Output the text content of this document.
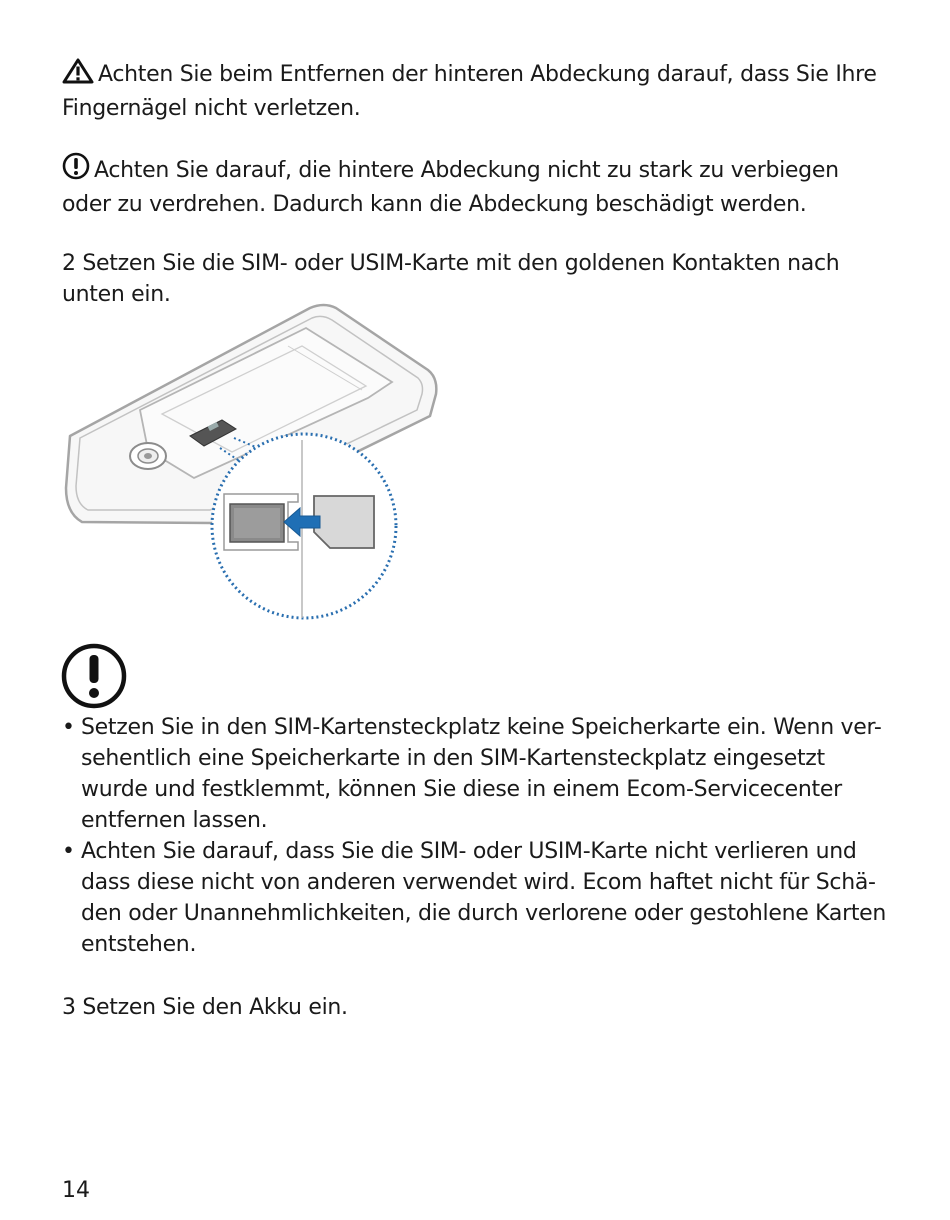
Achten Sie beim Entfernen der hinteren Abdeckung darauf, dass Sie Ihre Fingernägel nicht verletzen.

Achten Sie darauf, die hintere Abdeckung nicht zu stark zu verbiegen oder zu verdrehen. Dadurch kann die Abdeckung beschädigt werden.

2 Setzen Sie die SIM- oder USIM-Karte mit den goldenen Kontakten nach unten ein.

• Setzen Sie in den SIM-Kartensteckplatz keine Speicherkarte ein. Wenn ver-sehentlich eine Speicherkarte in den SIM-Kartensteckplatz eingesetzt wurde und festklemmt, können Sie diese in einem Ecom-Servicecenter entfernen lassen.
• Achten Sie darauf, dass Sie die SIM- oder USIM-Karte nicht verlieren und dass diese nicht von anderen verwendet wird. Ecom haftet nicht für Schä-den oder Unannehmlichkeiten, die durch verlorene oder gestohlene Karten entstehen.

3 Setzen Sie den Akku ein.

14
